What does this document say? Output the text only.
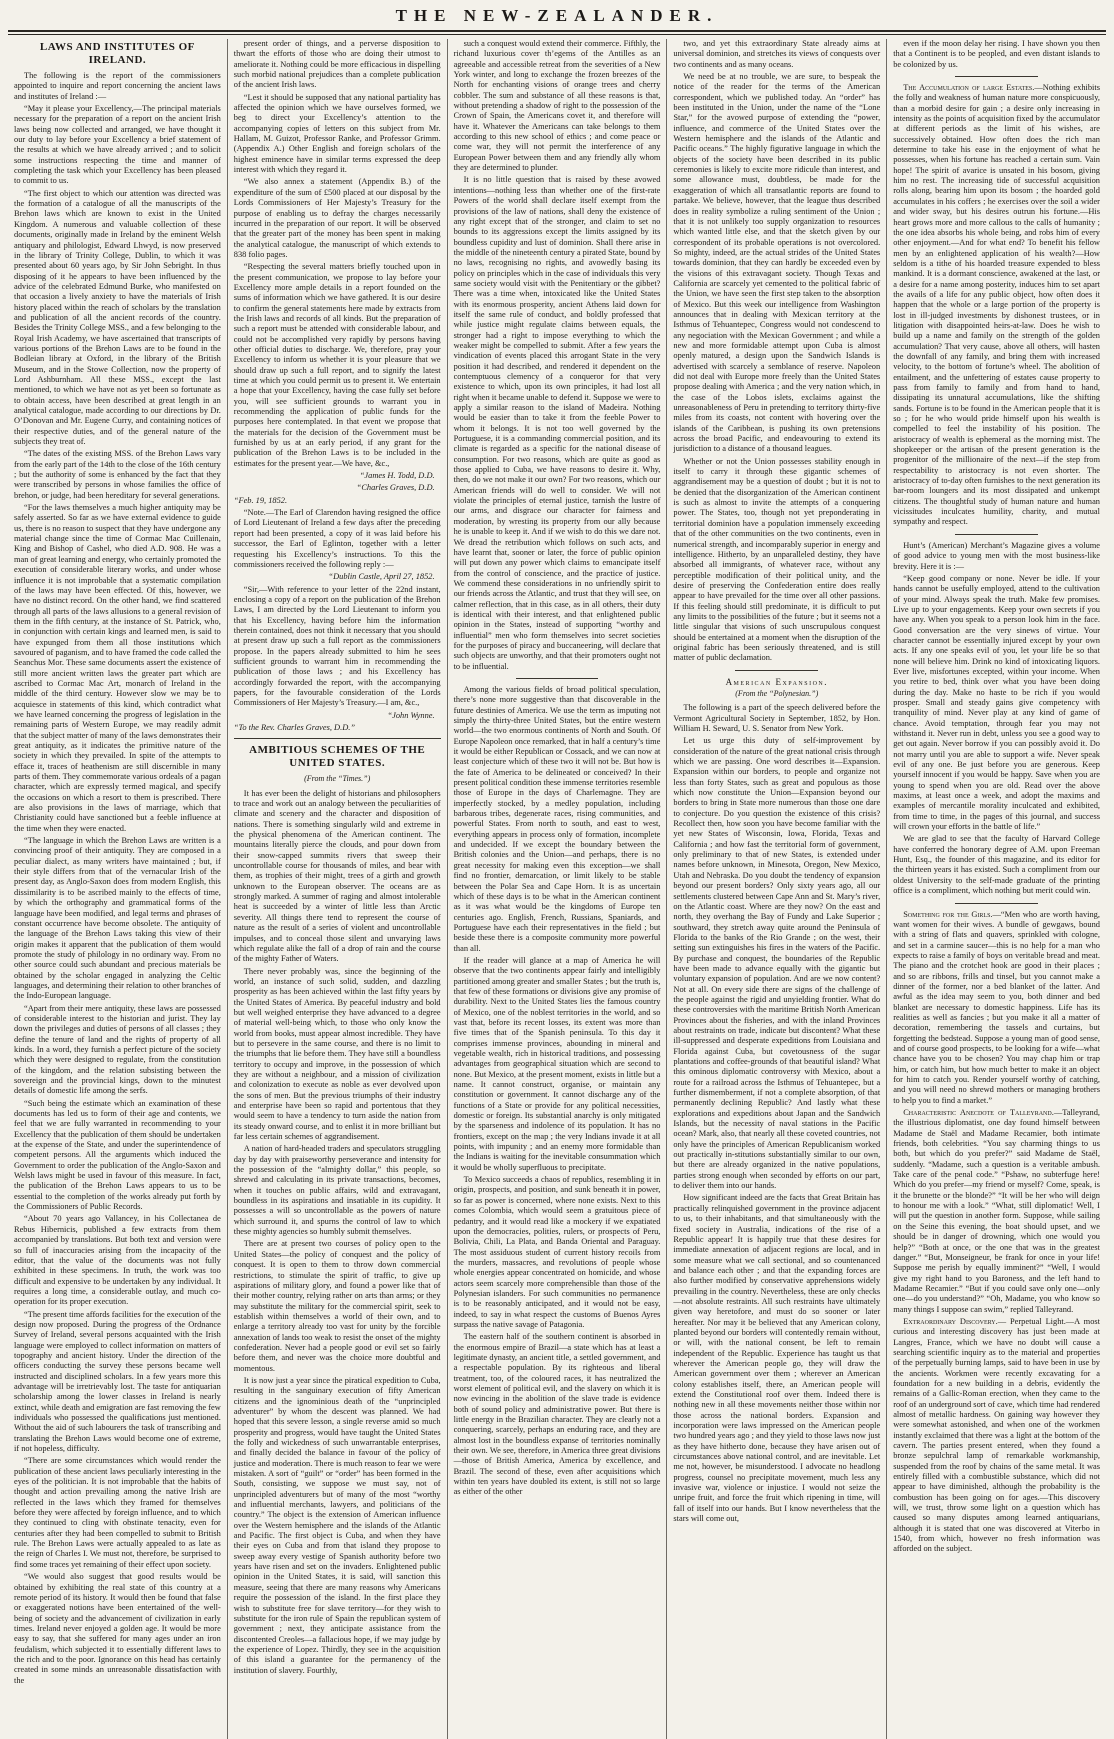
THE NEW-ZEALANDER.
LAWS AND INSTITUTES OF IRELAND.

The following is the report of the commissioners appointed to inquire and report concerning the ancient laws and institutes of Ireland :—

“May it please your Excellency,—The principal materials necessary for the preparation of a report on the ancient Irish laws being now collected and arranged, we have thought it our duty to lay before your Excellency a brief statement of the results at which we have already arrived ; and to solicit some instructions respecting the time and manner of completing the task which your Excellency has been pleased to commit to us.

“The first object to which our attention was directed was the formation of a catalogue of all the manuscripts of the Brehon laws which are known to exist in the United Kingdom. A numerous and valuable collection of these documents, originally made in Ireland by the eminent Welsh antiquary and philologist, Edward Lhwyd, is now preserved in the library of Trinity College, Dublin, to which it was presented about 60 years ago, by Sir John Sebright. In thus disposing of it he appears to have been influenced by the advice of the celebrated Edmund Burke, who manifested on that occasion a lively anxiety to have the materials of Irish history placed within the reach of scholars by the translation and publication of all the ancient records of the country. Besides the Trinity College MSS., and a few belonging to the Royal Irish Academy, we have ascertained that transcripts of various portions of the Brehon Laws are to be found in the Bodleian library at Oxford, in the library of the British Museum, and in the Stowe Collection, now the property of Lord Ashburnham. All these MSS., except the last mentioned, to which we have not as yet been so fortunate as to obtain access, have been described at great length in an analytical catalogue, made according to our directions by Dr. O’Donovan and Mr. Eugene Curry, and containing notices of their respective duties, and of the general nature of the subjects they treat of.

“The dates of the existing MSS. of the Brehon Laws vary from the early part of the 14th to the close of the 16th century ; but the authority of some is enhanced by the fact that they were transcribed by persons in whose families the office of brehon, or judge, had been hereditary for several generations.

“For the laws themselves a much higher antiquity may be safely asserted. So far as we have external evidence to guide us, there is no reason to suspect that they have undergone any material change since the time of Cormac Mac Cuillenain, King and Bishop of Cashel, who died A.D. 908. He was a man of great learning and energy, who certainly promoted the execution of considerable literary works, and under whose influence it is not improbable that a systematic compilation of the laws may have been effected. Of this, however, we have no distinct record. On the other hand, we find scattered through all parts of the laws allusions to a general revision of them in the fifth century, at the instance of St. Patrick, who, in conjunction with certain kings and learned men, is said to have expunged from them all those institutions which savoured of paganism, and to have framed the code called the Seanchus Mor. These same documents assert the existence of still more ancient written laws the greater part which are ascribed to Cormac Mac Art, monarch of Ireland in the middle of the third century. However slow we may be to acquiesce in statements of this kind, which contradict what we have learned concerning the progress of legislation in the remaining parts of Western Europe, we may readily admit that the subject matter of many of the laws demonstrates their great antiquity, as it indicates the primitive nature of the society in which they prevailed. In spite of the attempts to efface it, traces of heathenism are still discernible in many parts of them. They commemorate various ordeals of a pagan character, which are expressly termed magical, and specify the occasions on which a resort to them is prescribed. There are also provisions in the laws of marriage, which that Christianity could have sanctioned but a feeble influence at the time when they were enacted.

“The language in which the Brehon Laws are written is a convincing proof of their antiquity. They are composed in a peculiar dialect, as many writers have maintained ; but, if their style differs from that of the vernacular Irish of the present day, as Anglo-Saxon does from modern English, this dissimilarity is to be ascribed mainly to the effects of time, by which the orthography and grammatical forms of the language have been modified, and legal terms and phrases of constant occurrence have become obsolete. The antiquity of the language of the Brehon Laws taking this view of their origin makes it apparent that the publication of them would promote the study of philology in no ordinary way. From no other source could such abundant and precious materials be obtained by the scholar engaged in analyzing the Celtic languages, and determining their relation to other branches of the Indo-European language.

“Apart from their mere antiquity, these laws are possessed of considerable interest to the historian and jurist. They lay down the privileges and duties of persons of all classes ; they define the tenure of land and the rights of property of all kinds. In a word, they furnish a perfect picture of the society which they were designed to regulate, from the constitution of the kingdom, and the relation subsisting between the sovereign and the provincial kings, down to the minutest details of domestic life among the serfs.

“Such being the estimate which an examination of these documents has led us to form of their age and contents, we feel that we are fully warranted in recommending to your Excellency that the publication of them should be undertaken at the expense of the State, and under the superintendence of competent persons. All the arguments which induced the Government to order the publication of the Anglo-Saxon and Welsh laws might be used in favour of this measure. In fact, the publication of the Brehon Laws appears to us to be essential to the completion of the works already put forth by the Commissioners of Public Records.

“About 70 years ago Vallancey, in his Collectanea de Rebus Hibernicis, published a few extracts from them accompanied by translations. But both text and version were so full of inaccuracies arising from the incapacity of the editor, that the value of the documents was not fully exhibited in these specimens. In truth, the work was too difficult and expensive to be undertaken by any individual. It requires a long time, a considerable outlay, and much co-operation for its proper execution.

“The present time affords facilities for the execution of the design now proposed. During the progress of the Ordnance Survey of Ireland, several persons acquainted with the Irish language were employed to collect information on matters of topography and ancient history. Under the direction of the officers conducting the survey these persons became well instructed and disciplined scholars. In a few years more this advantage will be irretrievably lost. The taste for antiquarian scholarship among the lower classes in Ireland is nearly extinct, while death and emigration are fast removing the few individuals who possessed the qualifications just mentioned. Without the aid of such labourers the task of transcribing and translating the Brehon Laws would become one of extreme, if not hopeless, difficulty.

“There are some circumstances which would render the publication of these ancient laws peculiarly interesting in the eyes of the politician. It is not improbable that the habits of thought and action prevailing among the native Irish are reflected in the laws which they framed for themselves before they were affected by foreign influence, and to which they continued to cling with obstinate tenacity, even for centuries after they had been compelled to submit to British rule. The Brehon Laws were actually appealed to as late as the reign of Charles I. We must not, therefore, be surprised to find some traces yet remaining of their effect upon society.

“We would also suggest that good results would be obtained by exhibiting the real state of this country at a remote period of its history. It would then be found that false or exaggerated notions have been entertained of the well-being of society and the advancement of civilization in early times. Ireland never enjoyed a golden age. It would be more easy to say, that she suffered for many ages under an iron feudalism, which subjected it to essentially different laws to the rich and to the poor. Ignorance on this head has certainly created in some minds an unreasonable dissatisfaction with the

present order of things, and a perverse disposition to thwart the efforts of those who are doing their utmost to ameliorate it. Nothing could be more efficacious in dispelling such morbid national prejudices than a complete publication of the ancient Irish laws.

“Lest it should be supposed that any national partiality has affected the opinion which we have ourselves formed, we beg to direct your Excellency’s attention to the accompanying copies of letters on this subject from Mr. Hallam, M. Guizot, Professor Ranke, and Professor Grimm. (Appendix A.) Other English and foreign scholars of the highest eminence have in similar terms expressed the deep interest with which they regard it.

“We also annex a statement (Appendix B.) of the expenditure of the sum of £500 placed at our disposal by the Lords Commissioners of Her Majesty’s Treasury for the purpose of enabling us to defray the charges necessarily incurred in the preparation of our report. It will be observed that the greater part of the money has been spent in making the analytical catalogue, the manuscript of which extends to 838 folio pages.

“Respecting the several matters briefly touched upon in the present communication, we propose to lay before your Excellency more ample details in a report founded on the sums of information which we have gathered. It is our desire to confirm the general statements here made by extracts from the Irish laws and records of all kinds. But the preparation of such a report must be attended with considerable labour, and could not be accomplished very rapidly by persons having other official duties to discharge. We, therefore, pray your Excellency to inform us whether it is your pleasure that we should draw up such a full report, and to signify the latest time at which you could permit us to present it. We entertain a hope that your Excellency, having the case fully set before you, will see sufficient grounds to warrant you in recommending the application of public funds for the purposes here contemplated. In that event we propose that the materials for the decision of the Government must be furnished by us at an early period, if any grant for the publication of the Brehon Laws is to be included in the estimates for the present year.—We have, &c.,

“James H. Todd, D.D.

“Charles Graves, D.D.

“Feb. 19, 1852.

“Note.—The Earl of Clarendon having resigned the office of Lord Lieutenant of Ireland a few days after the preceding report had been presented, a copy of it was laid before his successor, the Earl of Eglinton, together with a letter requesting his Excellency’s instructions. To this the commissioners received the following reply :—

“Dublin Castle, April 27, 1852.

“Sir,—With reference to your letter of the 22nd instant, enclosing a copy of a report on the publication of the Brehon Laws, I am directed by the Lord Lieutenant to inform you that his Excellency, having before him the information therein contained, does not think it necessary that you should at present draw up such a full report as the commissioners propose. In the papers already submitted to him he sees sufficient grounds to warrant him in recommending the publication of those laws ; and his Excellency has accordingly forwarded the report, with the accompanying papers, for the favourable consideration of the Lords Commissioners of Her Majesty’s Treasury.—I am, &c.,

“John Wynne.

“To the Rev. Charles Graves, D.D.”

AMBITIOUS SCHEMES OF THE UNITED STATES.
(From the “Times.”)

It has ever been the delight of historians and philosophers to trace and work out an analogy between the peculiarities of climate and scenery and the character and disposition of nations. There is something singularly wild and extreme in the physical phenomena of the American continent. The mountains literally pierce the clouds, and pour down from their snow-capped summits rivers that sweep their uncontrollable course for thousands of miles, and bear with them, as trophies of their might, trees of a girth and growth unknown to the European observer. The oceans are as strongly marked. A summer of raging and almost intolerable heat is succeeded by a winter of little less than Arctic severity. All things there tend to represent the course of nature as the result of a series of violent and uncontrollable impulses, and to conceal those silent and unvarying laws which regulate alike the fall of a drop of rain and the course of the mighty Father of Waters.

There never probably was, since the beginning of the world, an instance of such solid, sudden, and dazzling prosperity as has been achieved within the last fifty years by the United States of America. By peaceful industry and bold but well weighed enterprise they have advanced to a degree of material well-being which, to those who only know the world from books, must appear almost incredible. They have but to persevere in the same course, and there is no limit to the triumphs that lie before them. They have still a boundless territory to occupy and improve, in the possession of which they are without a neighbour, and a mission of civilization and colonization to execute as noble as ever devolved upon the sons of men. But the previous triumphs of their industry and enterprise have been so rapid and portentous that they would seem to have a tendency to turn aside the nation from its steady onward course, and to enlist it in more brilliant but far less certain schemes of aggrandisement.

A nation of hard-headed traders and speculators struggling day by day with praiseworthy perseverance and intensity for the possession of the “almighty dollar,” this people, so shrewd and calculating in its private transactions, becomes, when it touches on public affairs, wild and extravagant, boundless in its aspirations and insatiable in its cupidity. It possesses a will so uncontrollable as the powers of nature which surround it, and spurns the control of law to which these mighty agencies so humbly submit themselves.

There are at present two courses of policy open to the United States—the policy of conquest and the policy of conquest. It is open to them to throw down commercial restrictions, to stimulate the spirit of traffic, to give up aspirations of military glory, and found a power like that of their mother country, relying rather on arts than arms; or they may substitute the military for the commercial spirit, seek to establish within themselves a world of their own, and to enlarge a territory already too vast for unity by the forcible annexation of lands too weak to resist the onset of the mighty confederation. Never had a people good or evil set so fairly before them, and never was the choice more doubtful and momentous.

It is now just a year since the piratical expedition to Cuba, resulting in the sanguinary execution of fifty American citizens and the ignominious death of the “unprincipled adventurer” by whom the descent was planned. We had hoped that this severe lesson, a single reverse amid so much prosperity and progress, would have taught the United States the folly and wickedness of such unwarrantable enterprises, and finally decided the balance in favour of the policy of justice and moderation. There is much reason to fear we were mistaken. A sort of “guilt” or “order” has been formed in the South, consisting, we suppose we must say, not of unprincipled adventurers but of many of the most “worthy and influential merchants, lawyers, and politicians of the country.” The object is the extension of American influence over the Western hemisphere and the islands of the Atlantic and Pacific. The first object is Cuba, and when they have their eyes on Cuba and from that island they propose to sweep away every vestige of Spanish authority before two years have risen and set on the invaders. Enlightened public opinion in the United States, it is said, will sanction this measure, seeing that there are many reasons why Americans require the possession of the island. In the first place they wish to substitute free for slave territory—for they wish to substitute for the iron rule of Spain the republican system of government ; next, they anticipate assistance from the discontented Creoles—a fallacious hope, if we may judge by the experience of Lopez. Thirdly, they see in the acquisition of this island a guarantee for the permanency of the institution of slavery. Fourthly,

such a conquest would extend their commerce. Fifthly, the richand luxurious cover th’egems of the Antilles as an agreeable and accessible retreat from the severities of a New York winter, and long to exchange the frozen breezes of the North for enchanting visions of orange trees and cherry cobbler. The sum and substance of all these reasons is that, without pretending a shadow of right to the possession of the Crown of Spain, the Americans covet it, and therefore will have it. Whatever the Americans can take belongs to them according to this new school of ethics ; and come peace or come war, they will not permit the interference of any European Power between them and any friendly ally whom they are determined to plunder.

It is no little question that is raised by these avowed intentions—nothing less than whether one of the first-rate Powers of the world shall declare itself exempt from the provisions of the law of nations, shall deny the existence of any right except that of the stronger, and claim to set no bounds to its aggressions except the limits assigned by its boundless cupidity and lust of dominion. Shall there arise in the middle of the nineteenth century a pirated State, bound by no laws, recognising no rights, and avowedly basing its policy on principles which in the case of individuals this very same society would visit with the Penitentiary or the gibbet? There was a time when, intoxicated like the United States with its enormous prosperity, ancient Athens laid down for itself the same rule of conduct, and boldly professed that while justice might regulate claims between equals, the stronger had a right to impose everything to which the weaker might be compelled to submit. After a few years the vindication of events placed this arrogant State in the very position it had described, and rendered it dependent on the contemptuous clemency of a conqueror for that very existence to which, upon its own principles, it had lost all right when it became unable to defend it. Suppose we were to apply a similar reason to the island of Madeira. Nothing would be easier than to take it from the feeble Power to whom it belongs. It is not too well governed by the Portuguese, it is a commanding commercial position, and its climate is regarded as a specific for the national disease of consumption. For two reasons, which are quite as good as those applied to Cuba, we have reasons to desire it. Why, then, do we not make it our own? For two reasons, which our American friends will do well to consider. We will not violate the principles of eternal justice, tarnish the lustre of our arms, and disgrace our character for fairness and moderation, by wresting its property from our ally because he is unable to keep it. And if we wish to do this we dare not. We dread the retribution which follows on such acts, and have learnt that, sooner or later, the force of public opinion will put down any power which claims to emancipate itself from the control of conscience, and the practice of justice. We commend these considerations in no unfriendly spirit to our friends across the Atlantic, and trust that they will see, on calmer reflection, that in this case, as in all others, their duty is identical with their interest, and that enlightened public opinion in the States, instead of supporting “worthy and influential” men who form themselves into secret societies for the purposes of piracy and buccaneering, will declare that such objects are unworthy, and that their promoters ought not to be influential.

Among the various fields of broad political speculation, there’s none more suggestive than that discoverable in the future destinies of America. We use the term as imputing not simply the thirty-three United States, but the entire western world—the two enormous continents of North and South. Of Europe Napoleon once remarked, that in half a century’s time it would be either Republican or Cossack, and we can now at least conjecture which of these two it will not be. But how is the fate of America to be delineated or conceived? In their present political condition these immense territories resemble those of Europe in the days of Charlemagne. They are imperfectly stocked, by a medley population, including barbarous tribes, degenerate races, rising communities, and powerful States. From north to south, and east to west, everything appears in process only of formation, incomplete and undecided. If we except the boundary between the British colonies and the Union—and perhaps, there is no great necessity for making even this exception—we shall find no frontier, demarcation, or limit likely to be stable between the Polar Sea and Cape Horn. It is as uncertain which of these days is to be what in the American continent as it was what would be the kingdoms of Europe ten centuries ago. English, French, Russians, Spaniards, and Portuguese have each their representatives in the field ; but beside these there is a composite community more powerful than all.

If the reader will glance at a map of America he will observe that the two continents appear fairly and intelligibly partitioned among greater and smaller States ; but the truth is, that few of these formations or divisions give any promise of durability. Next to the United States lies the famous country of Mexico, one of the noblest territories in the world, and so vast that, before its recent losses, its extent was more than five times that of the Spanish peninsula. To this day it comprises immense provinces, abounding in mineral and vegetable wealth, rich in historical traditions, and possessing advantages from geographical situation which are second to none. But Mexico, at the present moment, exists in little but a name. It cannot construct, organise, or maintain any constitution or government. It cannot discharge any of the functions of a State or provide for any political necessities, domestic or foreign. Its substantial anarchy is only mitigated by the sparseness and indolence of its population. It has no frontiers, except on the map ; the very Indians invade it at all points, with impunity ; and an enemy more formidable than the Indians is waiting for the inevitable consummation which it would be wholly superfluous to precipitate.

To Mexico succeeds a chaos of republics, resembling it in origin, prospects, and position, and sunk beneath it in power, so far as power is concerned, where none exists. Next to this comes Colombia, which would seem a gratuitous piece of pedantry, and it would read like a mockery if we expatiated upon the democracies, polities, rulers, or prospects of Peru, Bolivia, Chili, La Plata, and Banda Oriental and Paraguay. The most assiduous student of current history recoils from the murders, massacres, and revolutions of people whose whole energies appear concentrated on homicide, and whose actors seem scarcely more comprehensible than those of the Polynesian islanders. For such communities no permanence is to be reasonably anticipated, and it would not be easy, indeed, to say in what respect the customs of Buenos Ayres surpass the native savage of Patagonia.

The eastern half of the southern continent is absorbed in the enormous empire of Brazil—a state which has at least a legitimate dynasty, an ancient title, a settled government, and a respectable population. By its righteous and liberal treatment, too, of the coloured races, it has neutralized the worst element of political evil, and the slavery on which it is now evincing in the abolition of the slave trade is evidence both of sound policy and administrative power. But there is little energy in the Brazilian character. They are clearly not a conquering, scarcely, perhaps an enduring race, and they are almost lost in the boundless expanse of territories nominally their own. We see, therefore, in America three great divisions—those of British America, America by excellence, and Brazil. The second of these, even after acquisitions which within ten years have doubled its extent, is still not so large as either of the other

two, and yet this extraordinary State already aims at universal dominion, and stretches its views of conquests over two continents and as many oceans.

We need be at no trouble, we are sure, to bespeak the notice of the reader for the terms of the American correspondent, which we published today. An “order” has been instituted in the Union, under the name of the “Lone Star,” for the avowed purpose of extending the “power, influence, and commerce of the United States over the Western hemisphere and the islands of the Atlantic and Pacific oceans.” The highly figurative language in which the objects of the society have been described in its public ceremonies is likely to excite more ridicule than interest, and some allowance must, doubtless, be made for the exaggeration of which all transatlantic reports are found to partake. We believe, however, that the league thus described does in reality symbolize a ruling sentiment of the Union ; that it is not unlikely too supply organization to resources which wanted little else, and that the sketch given by our correspondent of its probable operations is not overcolored. So mighty, indeed, are the actual strides of the United States towards dominion, that they can hardly be exceeded even by the visions of this extravagant society. Though Texas and California are scarcely yet cemented to the political fabric of the Union, we have seen the first step taken to the absorption of Mexico. But this week our intelligence from Washington announces that in dealing with Mexican territory at the Isthmus of Tehuantepec, Congress would not condescend to any negociation with the Mexican Government ; and while a new and more formidable attempt upon Cuba is almost openly matured, a design upon the Sandwich Islands is advertised with scarcely a semblance of reserve. Napoleon did not deal with Europe more freely than the United States propose dealing with America ; and the very nation which, in the case of the Lobos islets, exclaims against the unreasonableness of Peru in pretending to territory thirty-five miles from its coasts, not content with hovering over the islands of the Caribbean, is pushing its own pretensions across the broad Pacific, and endeavouring to extend its jurisdiction to a distance of a thousand leagues.

Whether or not the Union possesses stability enough in itself to carry it through these gigantic schemes of aggrandisement may be a question of doubt ; but it is not to be denied that the disorganization of the American continent is such as almost to invite the attempts of a conquering power. The States, too, though not yet preponderating in territorial dominion have a population immensely exceeding that of the other communities on the two continents, even in numerical strength, and incomparably superior in energy and intelligence. Hitherto, by an unparalleled destiny, they have absorbed all immigrants, of whatever race, without any perceptible modification of their political unity, and the desire of preserving the Confederation entire does really appear to have prevailed for the time over all other passions. If this feeling should still predominate, it is difficult to put any limits to the possibilities of the future ; but it seems not a little singular that visions of such unscrupulous conquest should be entertained at a moment when the disruption of the original fabric has been seriously threatened, and is still matter of public declamation.

American Expansion.
(From the “Polynesian.”)

The following is a part of the speech delivered before the Vermont Agricultural Society in September, 1852, by Hon. William H. Seward, U. S. Senator from New York.

Let us urge this duty of self-improvement by consideration of the nature of the great national crisis through which we are passing. One word describes it—Expansion. Expansion within our borders, to people and organize not less than forty States, such as great and populous as those which now constitute the Union—Expansion beyond our borders to bring in State more numerous than those one dare to conjecture. Do you question the existence of this crisis? Recollect then, how soon you have become familiar with the yet new States of Wisconsin, Iowa, Florida, Texas and California ; and how fast the territorial form of government, only preliminary to that of new States, is extended under names before unknown, in Minesota, Oregon, New Mexico, Utah and Nebraska. Do you doubt the tendency of expansion beyond our present borders? Only sixty years ago, all our settlements clustered between Cape Ann and St. Mary’s river, on the Atlantic coast. Where are they now? On the east and north, they overhang the Bay of Fundy and Lake Superior ; southward, they stretch away quite around the Peninsula of Florida to the banks of the Rio Grande ; on the west, their setting sun extinguishes his fires in the waters of the Pacific. By purchase and conquest, the boundaries of the Republic have been made to advance equally with the gigantic but voluntary expansion of population. And are we now content? Not at all. On every side there are signs of the challenge of the people against the rigid and unyielding frontier. What do these controversies with the maritime British North American Provinces about the fisheries, and with the inland Provinces about restraints on trade, indicate but discontent? What these ill-suppressed and desperate expeditions from Louisiana and Florida against Cuba, but covetousness of the sugar plantations and coffee-grounds of that beautiful island? What this ominous diplomatic controversy with Mexico, about a route for a railroad across the Isthmus of Tehuantepec, but a further dismemberment, if not a complete absorption, of that permanently declining Republic? And lastly what these explorations and expeditions about Japan and the Sandwich Islands, but the necessity of naval stations in the Pacific ocean? Mark, also, that nearly all these coveted countries, not only have the principles of American Republicanism worked out practically in-stitutions substantially similar to our own, but there are already organized in the native populations, parties strong enough when seconded by efforts on our part, to deliver them into our hands.

How significant indeed are the facts that Great Britain has practically relinquished government in the province adjacent to us, to their inhabitants, and that simultaneously with the fixed society in Australia, indications of the rise of a Republic appear! It is happily true that these desires for immediate annexation of adjacent regions are local, and in some measure what we call sectional, and so countenanced and balance each other ; and that the expanding forces are also further modified by conservative apprehensions widely prevailing in the country. Nevertheless, these are only checks—not absolute restraints. All such restraints have ultimately given way heretofore, and must do so sooner or later hereafter. Nor may it be believed that any American colony, planted beyond our borders will contentedly remain without, or will, with the national consent, be left to remain independent of the Republic. Experience has taught us that wherever the American people go, they will draw the American government over them ; wherever an American colony establishes itself, there, an American people will extend the Constitutional roof over them. Indeed there is nothing new in all these movements neither those within nor those across the national borders. Expansion and incorporation were laws impressed on the American people two hundred years ago ; and they yield to those laws now just as they have hitherto done, because they have arisen out of circumstances above national control, and are inevitable. Let me not, however, be misunderstood. I advocate no headlong progress, counsel no precipitate movement, much less any invasive war, violence or injustice. I would not seize the unripe fruit, and force the fruit which ripening in time, will fall of itself into our hands. But I know nevertheless that the stars will come out,

even if the moon delay her rising. I have shown you then that a Continent is to be peopled, and even distant islands to be colonized by us.

The Accumulation of large Estates.—Nothing exhibits the folly and weakness of human nature more conspicuously, than a morbid desire for gain ; a desire only increasing in intensity as the points of acquisition fixed by the accumulator at different periods as the limit of his wishes, are successively obtained. How often does the rich man determine to take his ease in the enjoyment of what he possesses, when his fortune has reached a certain sum. Vain hope! The spirit of avarice is unsated in his bosom, giving him no rest. The increasing tide of successful acquisition rolls along, bearing him upon its bosom ; the hoarded gold accumulates in his coffers ; he exercises over the soil a wider and wider sway, but his desires outrun his fortune.—His heart grows more and more callous to the calls of humanity ; the one idea absorbs his whole being, and robs him of every other enjoyment.—And for what end? To benefit his fellow men by an enlightened application of his wealth?—How seldom is a tithe of his hoarded treasure expended to bless mankind. It is a dormant conscience, awakened at the last, or a desire for a name among posterity, induces him to set apart the avails of a life for any public object, how often does it happen that the whole or a large portion of the property is lost in ill-judged investments by dishonest trustees, or in litigation with disappointed heirs-at-law. Does he wish to build up a name and family on the strength of the golden accumulation? That very cause, above all others, will hasten the downfall of any family, and bring them with increased velocity, to the bottom of fortune’s wheel. The abolition of entailment, and the unfettering of estates cause property to pass from family to family and from hand to hand, dissipating its unnatural accumulations, like the shifting sands. Fortune is to be found in the American people that it is so ; for he who would pride himself upon his wealth is compelled to feel the instability of his position. The aristocracy of wealth is ephemeral as the morning mist. The shopkeeper or the artisan of the present generation is the progenitor of the millionaire of the next—if the step from respectability to aristocracy is not even shorter. The aristocracy of to-day often furnishes to the next generation its bar-room loungers and its most dissipated and unkempt citizens. The thoughtful study of human nature and human vicissitudes inculcates humility, charity, and mutual sympathy and respect.

Hunt’s (American) Merchant’s Magazine gives a volume of good advice to young men with the most business-like brevity. Here it is :—

“Keep good company or none. Never be idle. If your hands cannot be usefully employed, attend to the cultivation of your mind. Always speak the truth. Make few promises. Live up to your engagements. Keep your own secrets if you have any. When you speak to a person look him in the face. Good conversation are the very sinews of virtue. Your character cannot be essentially injured except by your own acts. If any one speaks evil of you, let your life be so that none will believe him. Drink no kind of intoxicating liquors. Ever live, misfortunes excepted, within your income. When you retire to bed, think over what you have been doing during the day. Make no haste to be rich if you would prosper. Small and steady gains give competency with tranquility of mind. Never play at any kind of game of chance. Avoid temptation, through fear you may not withstand it. Never run in debt, unless you see a good way to get out again. Never borrow if you can possibly avoid it. Do not marry until you are able to support a wife. Never speak evil of any one. Be just before you are generous. Keep yourself innocent if you would be happy. Save when you are young to spend when you are old. Read over the above maxims, at least once a week, and adopt the maxims and examples of mercantile morality inculcated and exhibited, from time to time, in the pages of this journal, and success will crown your efforts in the battle of life.”

We are glad to see that the faculty of Harvard College have conferred the honorary degree of A.M. upon Freeman Hunt, Esq., the founder of this magazine, and its editor for the thirteen years it has existed. Such a compliment from our oldest University to the self-made graduate of the printing office is a compliment, which nothing but merit could win.

Something for the Girls.—“Men who are worth having, want women for their wives. A bundle of gewgaws, bound with a string of flats and quavers, sprinkled with cologne, and set in a carmine saucer—this is no help for a man who expects to raise a family of boys on veritable bread and meat. The piano and the crotchet hook are good in their places ; and so are ribbons, frills and tinsel, but you cannot make a dinner of the former, nor a bed blanket of the latter. And awful as the idea may seem to you, both dinner and bed blanket are necessary to domestic happiness. Life has its realities as well as fancies ; but you make it all a matter of decoration, remembering the tassels and curtains, but forgetting the bedstead. Suppose a young man of good sense, and of course good prospects, to be looking for a wife—what chance have you to be chosen? You may chap him or trap him, or catch him, but how much better to make it an object for him to catch you. Render yourself worthy of catching, and you will need no shrewd mothers or managing brothers to help you to find a market.”

Characteristic Anecdote of Talleyrand.—Talleyrand, the illustrious diplomatist, one day found himself between Madame de Staël and Madame Recamier, both intimate friends, both celebrities. “You say charming things to us both, but which do you prefer?” said Madame de Staël, suddenly. “Madame, such a question is a veritable ambush. Take care of the penal code.” “Pshaw, no subterfuge here! Which do you prefer—my friend or myself? Come, speak, is it the brunette or the blonde?” “It will be her who will deign to honour me with a look.” “What, still diplomatic! Well, I will put the question in another form. Suppose, while sailing on the Seine this evening, the boat should upset, and we should be in danger of drowning, which one would you help?” “Both at once, or the one that was in the greatest danger.” “But, Monseigneur, be frank for once in your life! Suppose me perish by equally imminent?” “Well, I would give my right hand to you Baroness, and the left hand to Madame Recamier.” “But if you could save only one—only one—do you understand?” “Oh, Madame, you who know so many things I suppose can swim,” replied Talleyrand.

Extraordinary Discovery.— Perpetual Light.—A most curious and interesting discovery has just been made at Langres, France, which we have no doubt will cause a searching scientific inquiry as to the material and properties of the perpetually burning lamps, said to have been in use by the ancients. Workmen were recently excavating for a foundation for a new building in a debris, evidently the remains of a Gallic-Roman erection, when they came to the roof of an underground sort of cave, which time had rendered almost of metallic hardness. On gaining way however they were somewhat astonished, and when one of the workmen instantly exclaimed that there was a light at the bottom of the cavern. The parties present entered, when they found a bronze sepulchral lamp of remarkable workmanship, suspended from the roof by chains of the same metal. It was entirely filled with a combustible substance, which did not appear to have diminished, although the probability is the combustion has been going on for ages.—This discovery will, we trust, throw some light on a question which has caused so many disputes among learned antiquarians, although it is stated that one was discovered at Viterbo in 1540, from which, however no fresh information was afforded on the subject.
